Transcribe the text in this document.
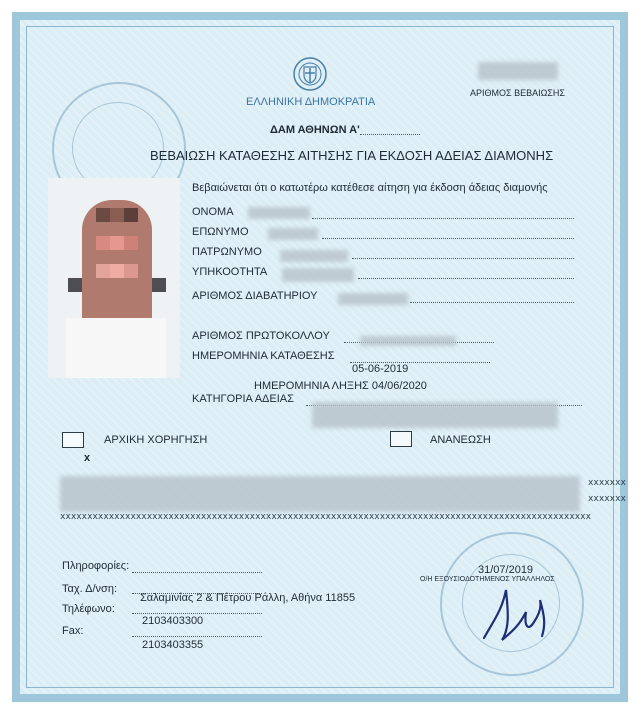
ΕΛΛΗΝΙΚΗ ΔΗΜΟΚΡΑΤΙΑ
ΑΡΙΘΜΟΣ ΒΕΒΑΙΩΣΗΣ
ΔΑΜ ΑΘΗΝΩΝ Α'
ΒΕΒΑΙΩΣΗ ΚΑΤΑΘΕΣΗΣ ΑΙΤΗΣΗΣ ΓΙΑ ΕΚΔΟΣΗ ΑΔΕΙΑΣ ΔΙΑΜΟΝΗΣ
Βεβαιώνεται ότι ο κατωτέρω κατέθεσε αίτηση για έκδοση άδειας διαμονής
ΟΝΟΜΑ
ΕΠΩΝΥΜΟ
ΠΑΤΡΩΝΥΜΟ
ΥΠΗΚΟΟΤΗΤΑ
ΑΡΙΘΜΟΣ ΔΙΑΒΑΤΗΡΙΟΥ
ΑΡΙΘΜΟΣ ΠΡΩΤΟΚΟΛΛΟΥ
ΗΜΕΡΟΜΗΝΙΑ ΚΑΤΑΘΕΣΗΣ
05-06-2019
ΗΜΕΡΟΜΗΝΙΑ ΛΗΞΗΣ 04/06/2020
ΚΑΤΗΓΟΡΙΑ ΑΔΕΙΑΣ
ΑΡΧΙΚΗ ΧΟΡΗΓΗΣΗ
x
ΑΝΑΝΕΩΣΗ
xxxxxxx
xxxxxxx
xxxxxxxxxxxxxxxxxxxxxxxxxxxxxxxxxxxxxxxxxxxxxxxxxxxxxxxxxxxxxxxxxxxxxxxxxxxxxxxxxxxxxxxxxxxxxxxxxx
Πληροφορίες:
Ταχ. Δ/νση:
Σαλαμινίας 2 & Πέτρου Ράλλη, Αθήνα 11855
Τηλέφωνο:
2103403300
Fax:
2103403355
31/07/2019
Ο/Η ΕΞΟΥΣΙΟΔΟΤΗΜΕΝΟΣ ΥΠΑΛΛΗΛΟΣ
